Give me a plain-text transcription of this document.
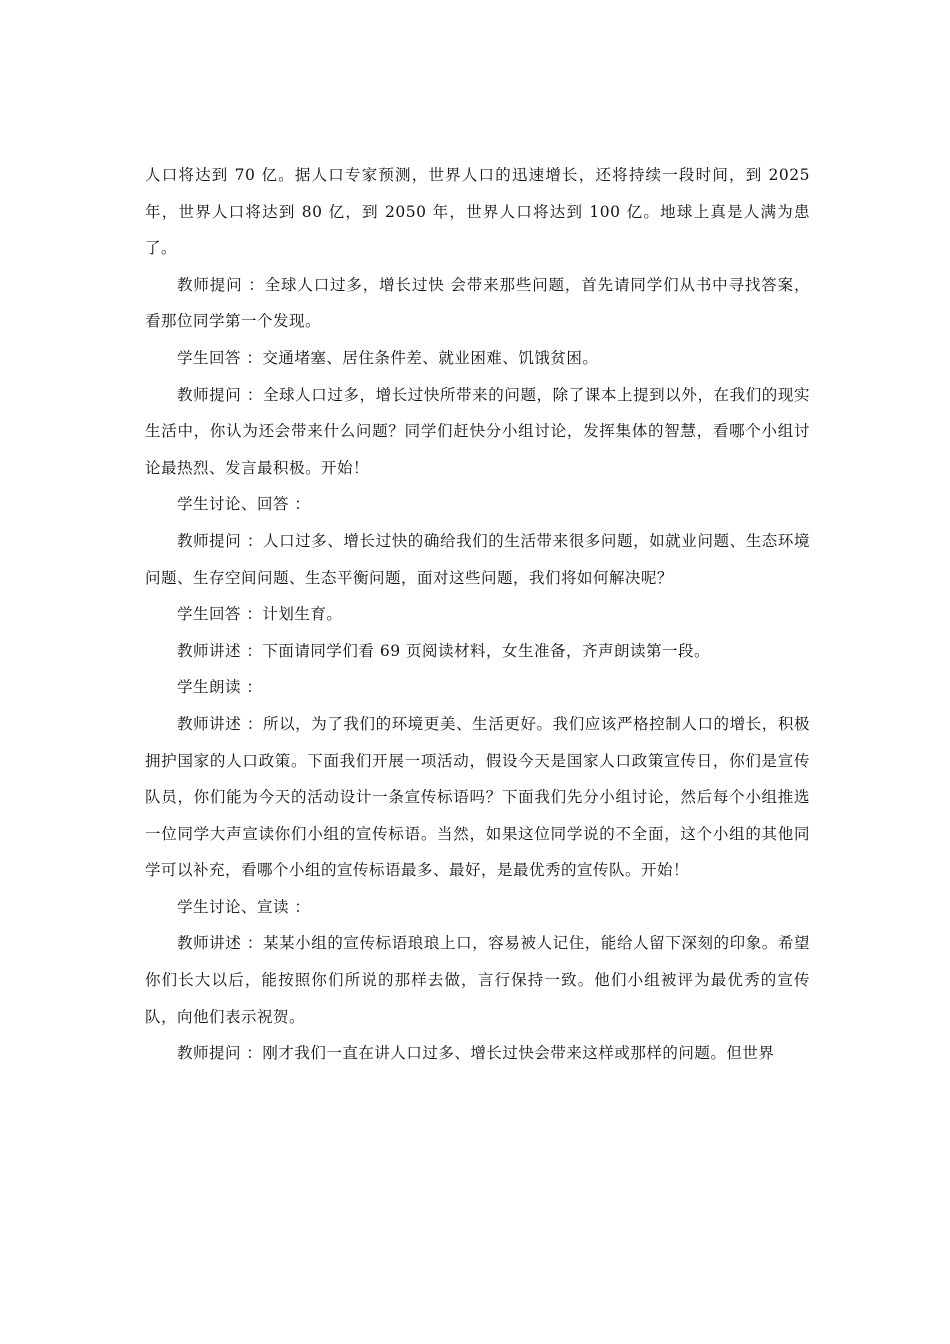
人口将达到 70 亿。据人口专家预测，世界人口的迅速增长，还将持续一段时间，到 2025 年，世界人口将达到 80 亿，到 2050 年，世界人口将达到 100 亿。地球上真是人满为患了。

教师提问 ：全球人口过多，增长过快 会带来那些问题，首先请同学们从书中寻找答案，看那位同学第一个发现。

学生回答 ：交通堵塞、居住条件差、就业困难、饥饿贫困。

教师提问 ：全球人口过多，增长过快所带来的问题，除了课本上提到以外，在我们的现实生活中，你认为还会带来什么问题？同学们赶快分小组讨论，发挥集体的智慧，看哪个小组讨论最热烈、发言最积极。开始！

学生讨论、回答 ：

教师提问 ：人口过多、增长过快的确给我们的生活带来很多问题，如就业问题、生态环境问题、生存空间问题、生态平衡问题，面对这些问题，我们将如何解决呢？

学生回答 ：计划生育。

教师讲述 ：下面请同学们看 69 页阅读材料，女生准备，齐声朗读第一段。

学生朗读 ：

教师讲述 ：所以，为了我们的环境更美、生活更好。我们应该严格控制人口的增长，积极拥护国家的人口政策。下面我们开展一项活动，假设今天是国家人口政策宣传日，你们是宣传队员，你们能为今天的活动设计一条宣传标语吗？下面我们先分小组讨论，然后每个小组推选一位同学大声宣读你们小组的宣传标语。当然，如果这位同学说的不全面，这个小组的其他同学可以补充，看哪个小组的宣传标语最多、最好，是最优秀的宣传队。开始！

学生讨论、宣读 ：

教师讲述 ：某某小组的宣传标语琅琅上口，容易被人记住，能给人留下深刻的印象。希望你们长大以后，能按照你们所说的那样去做，言行保持一致。他们小组被评为最优秀的宣传队，向他们表示祝贺。

教师提问 ：刚才我们一直在讲人口过多、增长过快会带来这样或那样的问题。但世界
